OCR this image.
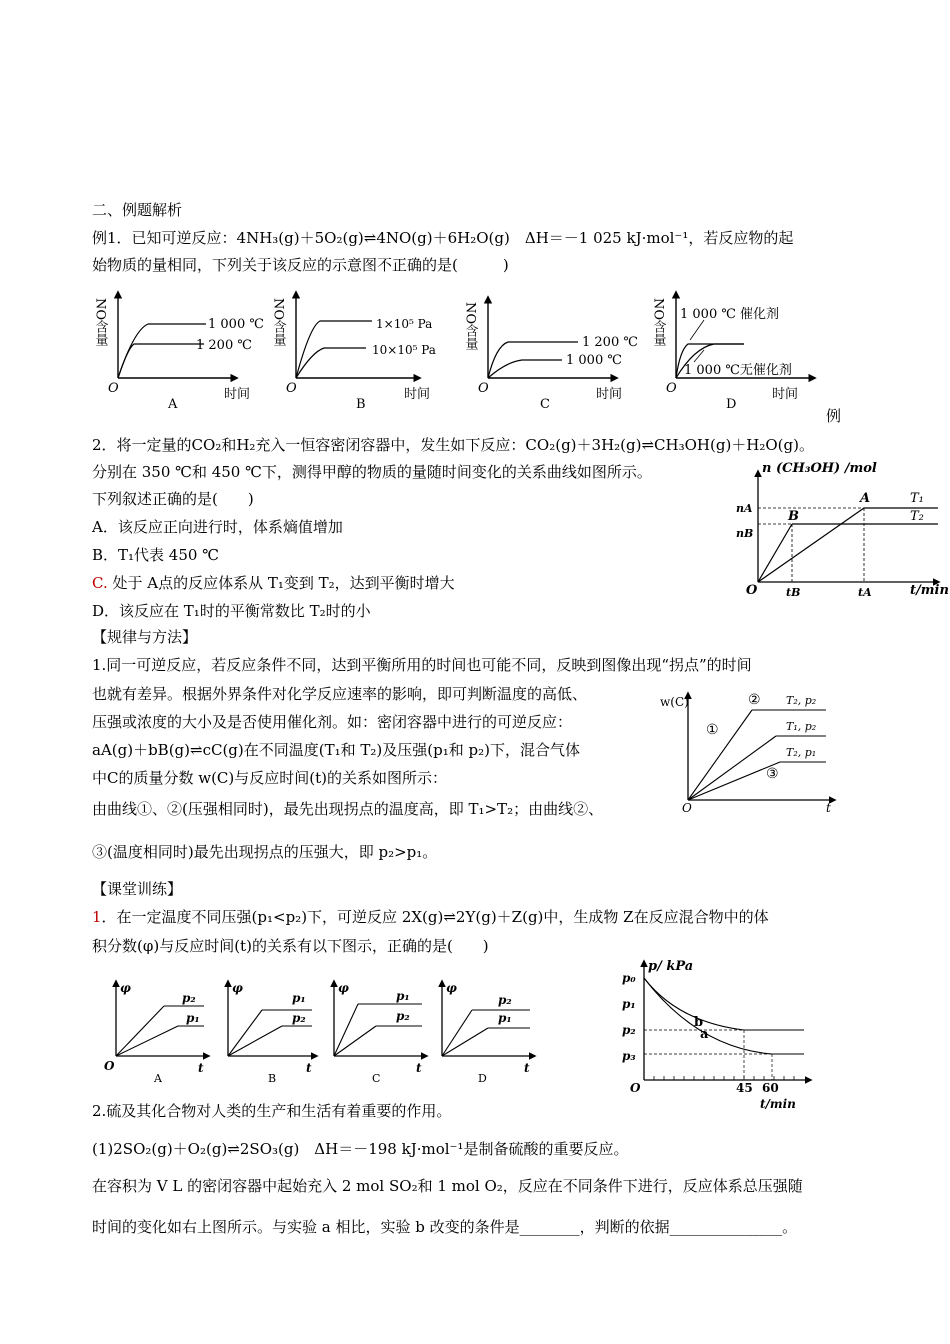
二、例题解析
例1．已知可逆反应：4NH₃(g)＋5O₂(g)⇌4NO(g)＋6H₂O(g)　ΔH＝－1 025 kJ·mol⁻¹，若反应物的起
始物质的量相同，下列关于该反应的示意图不正确的是(　　　)
NO含量
O	时间
1 000 ℃
1 200 ℃
A
NO含量
O	时间
1×10⁵ Pa
10×10⁵ Pa
B
NO含量
O	时间
1 200 ℃
1 000 ℃
C
NO含量
O	时间
1 000 ℃ 催化剂
1 000 ℃无催化剂
D
例
2．将一定量的CO₂和H₂充入一恒容密闭容器中，发生如下反应：CO₂(g)＋3H₂(g)⇌CH₃OH(g)＋H₂O(g)。
分别在 350 ℃和 450 ℃下，测得甲醇的物质的量随时间变化的关系曲线如图所示。
下列叙述正确的是(　　)
A．该反应正向进行时，体系熵值增加
B．T₁代表 450 ℃
C. 处于 A点的反应体系从 T₁变到 T₂，达到平衡时增大
D．该反应在 T₁时的平衡常数比 T₂时的小
n (CH₃OH) /mol
O	t/min
nA
nB
tB	tA
A
B
T₁
T₂
【规律与方法】
1.同一可逆反应，若反应条件不同，达到平衡所用的时间也可能不同，反映到图像出现“拐点”的时间
也就有差异。根据外界条件对化学反应速率的影响，即可判断温度的高低、
压强或浓度的大小及是否使用催化剂。如：密闭容器中进行的可逆反应：
aA(g)＋bB(g)⇌cC(g)在不同温度(T₁和 T₂)及压强(p₁和 p₂)下，混合气体
中C的质量分数 w(C)与反应时间(t)的关系如图所示：
由曲线①、②(压强相同时)，最先出现拐点的温度高，即 T₁>T₂；由曲线②、
③(温度相同时)最先出现拐点的压强大，即 p₂>p₁。
w(C)
O	t
②
①
③
T₂, p₂
T₁, p₂
T₂, p₁
【课堂训练】
1．在一定温度不同压强(p₁<p₂)下，可逆反应 2X(g)⇌2Y(g)＋Z(g)中，生成物 Z在反应混合物中的体
积分数(φ)与反应时间(t)的关系有以下图示，正确的是(　　)
φ
O	t
p₂
p₁
A
φ
t
p₁
p₂
B
φ
t
p₁
p₂
C
φ
t
p₂
p₁
D
p/ kPa
p₀
p₁
p₂
p₃
O	45 60
t/min
b
a
2.硫及其化合物对人类的生产和生活有着重要的作用。
(1)2SO₂(g)＋O₂(g)⇌2SO₃(g)　ΔH＝－198 kJ·mol⁻¹是制备硫酸的重要反应。
在容积为 V L 的密闭容器中起始充入 2 mol SO₂和 1 mol O₂，反应在不同条件下进行，反应体系总压强随
时间的变化如右上图所示。与实验 a 相比，实验 b 改变的条件是________，判断的依据_______________。
